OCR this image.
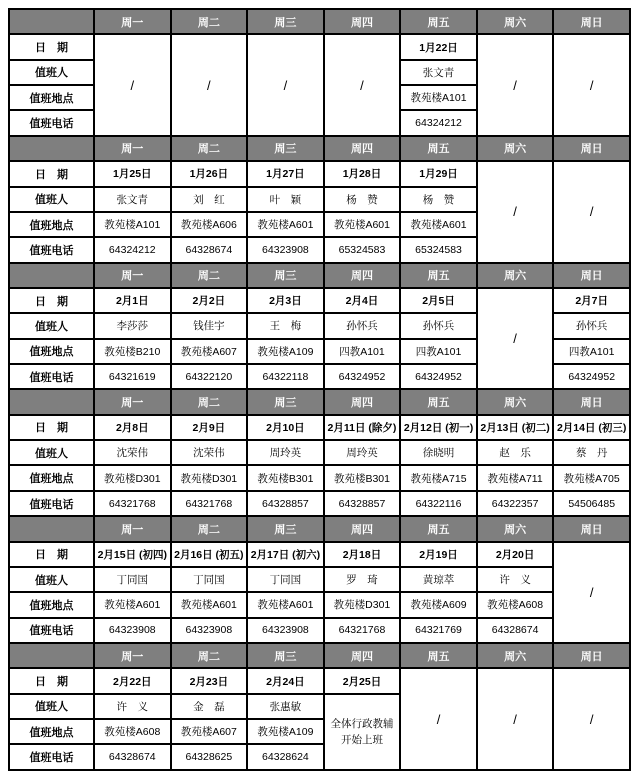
	周一	周二	周三	周四	周五	周六	周日
日　期	/	/	/	/	1月22日	/	/
值班人					张文青		
值班地点					教苑楼A101		
值班电话					64324212		
	周一	周二	周三	周四	周五	周六	周日
日　期	1月25日	1月26日	1月27日	1月28日	1月29日	/	/
值班人	张文青	刘　红	叶　颖	杨　赞	杨　赞		
值班地点	教苑楼A101	教苑楼A606	教苑楼A601	教苑楼A601	教苑楼A601		
值班电话	64324212	64328674	64323908	65324583	65324583		
	周一	周二	周三	周四	周五	周六	周日
日　期	2月1日	2月2日	2月3日	2月4日	2月5日	/	2月7日
值班人	李莎莎	钱佳宇	王　梅	孙怀兵	孙怀兵		孙怀兵
值班地点	教苑楼B210	教苑楼A607	教苑楼A109	四教A101	四教A101		四教A101
值班电话	64321619	64322120	64322118	64324952	64324952		64324952
	周一	周二	周三	周四	周五	周六	周日
日　期	2月8日	2月9日	2月10日	2月11日 (除夕)	2月12日 (初一)	2月13日 (初二)	2月14日 (初三)
值班人	沈荣伟	沈荣伟	周玲英	周玲英	徐晓明	赵　乐	蔡　丹
值班地点	教苑楼D301	教苑楼D301	教苑楼B301	教苑楼B301	教苑楼A715	教苑楼A711	教苑楼A705
值班电话	64321768	64321768	64328857	64328857	64322116	64322357	54506485
	周一	周二	周三	周四	周五	周六	周日
日　期	2月15日 (初四)	2月16日 (初五)	2月17日 (初六)	2月18日	2月19日	2月20日	/
值班人	丁同国	丁同国	丁同国	罗　琦	黄琼萃	许　义	
值班地点	教苑楼A601	教苑楼A601	教苑楼A601	教苑楼D301	教苑楼A609	教苑楼A608	
值班电话	64323908	64323908	64323908	64321768	64321769	64328674	
	周一	周二	周三	周四	周五	周六	周日
日　期	2月22日	2月23日	2月24日	2月25日	/	/	/
值班人	许　义	金　磊	张惠敏	全体行政教辅
开始上班			
值班地点	教苑楼A608	教苑楼A607	教苑楼A109				
值班电话	64328674	64328625	64328624				
